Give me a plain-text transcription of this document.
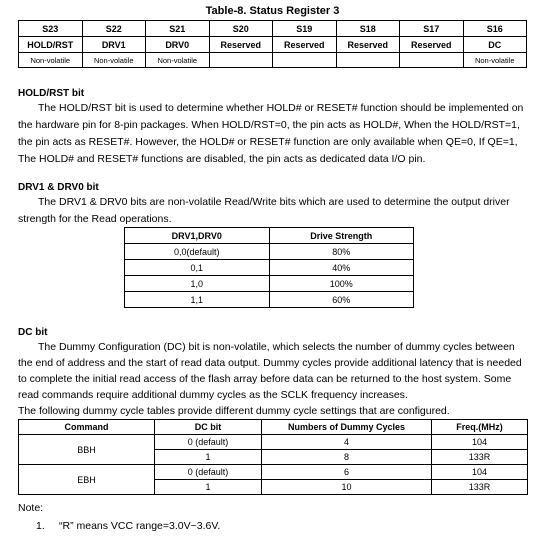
Table-8. Status Register 3
S23	S22	S21	S20	S19	S18	S17	S16
HOLD/RST	DRV1	DRV0	Reserved	Reserved	Reserved	Reserved	DC
Non-volatile	Non-volatile	Non-volatile					Non-volatile
HOLD/RST bit
The HOLD/RST bit is used to determine whether HOLD# or RESET# function should be implemented on
the hardware pin for 8-pin packages. When HOLD/RST=0, the pin acts as HOLD#, When the HOLD/RST=1,
the pin acts as RESET#. However, the HOLD# or RESET# function are only available when QE=0, If QE=1,
The HOLD# and RESET# functions are disabled, the pin acts as dedicated data I/O pin.
DRV1 & DRV0 bit
The DRV1 & DRV0 bits are non-volatile Read/Write bits which are used to determine the output driver
strength for the Read operations.
DRV1,DRV0	Drive Strength
0,0(default)	80%
0,1	40%
1,0	100%
1,1	60%
DC bit
The Dummy Configuration (DC) bit is non-volatile, which selects the number of dummy cycles between
the end of address and the start of read data output. Dummy cycles provide additional latency that is needed
to complete the initial read access of the flash array before data can be returned to the host system. Some
read commands require additional dummy cycles as the SCLK frequency increases.
The following dummy cycle tables provide different dummy cycle settings that are configured.
Command	DC bit	Numbers of Dummy Cycles	Freq.(MHz)
BBH	0 (default)	4	104
	1	8	133R
EBH	0 (default)	6	104
	1	10	133R
Note:
1. “R” means VCC range=3.0V~3.6V.
